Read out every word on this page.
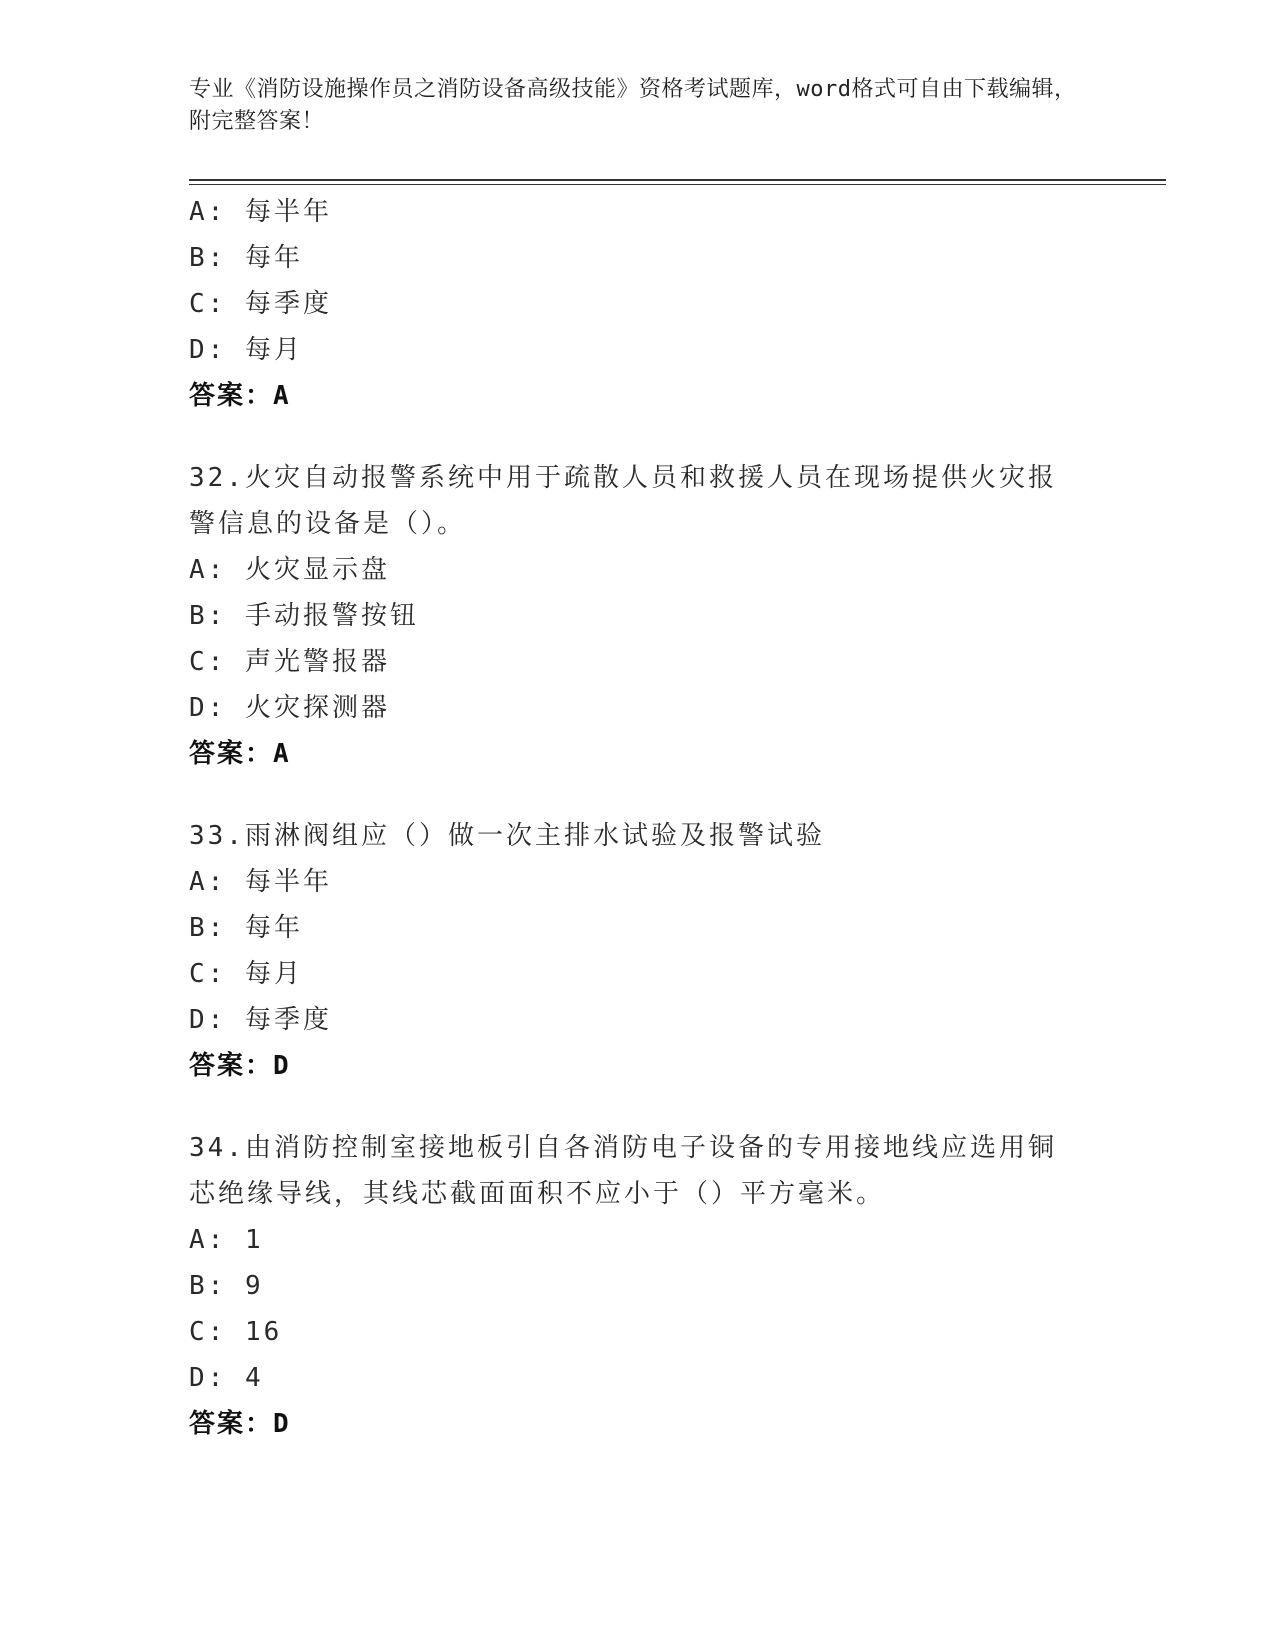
专业《消防设施操作员之消防设备高级技能》资格考试题库，word格式可自由下载编辑，附完整答案！
A: 每半年
B: 每年
C: 每季度
D: 每月
答案：A
32.火灾自动报警系统中用于疏散人员和救援人员在现场提供火灾报警信息的设备是（）。
A: 火灾显示盘
B: 手动报警按钮
C: 声光警报器
D: 火灾探测器
答案：A
33.雨淋阀组应（）做一次主排水试验及报警试验
A: 每半年
B: 每年
C: 每月
D: 每季度
答案：D
34.由消防控制室接地板引自各消防电子设备的专用接地线应选用铜芯绝缘导线，其线芯截面面积不应小于（）平方毫米。
A: 1
B: 9
C: 16
D: 4
答案：D
